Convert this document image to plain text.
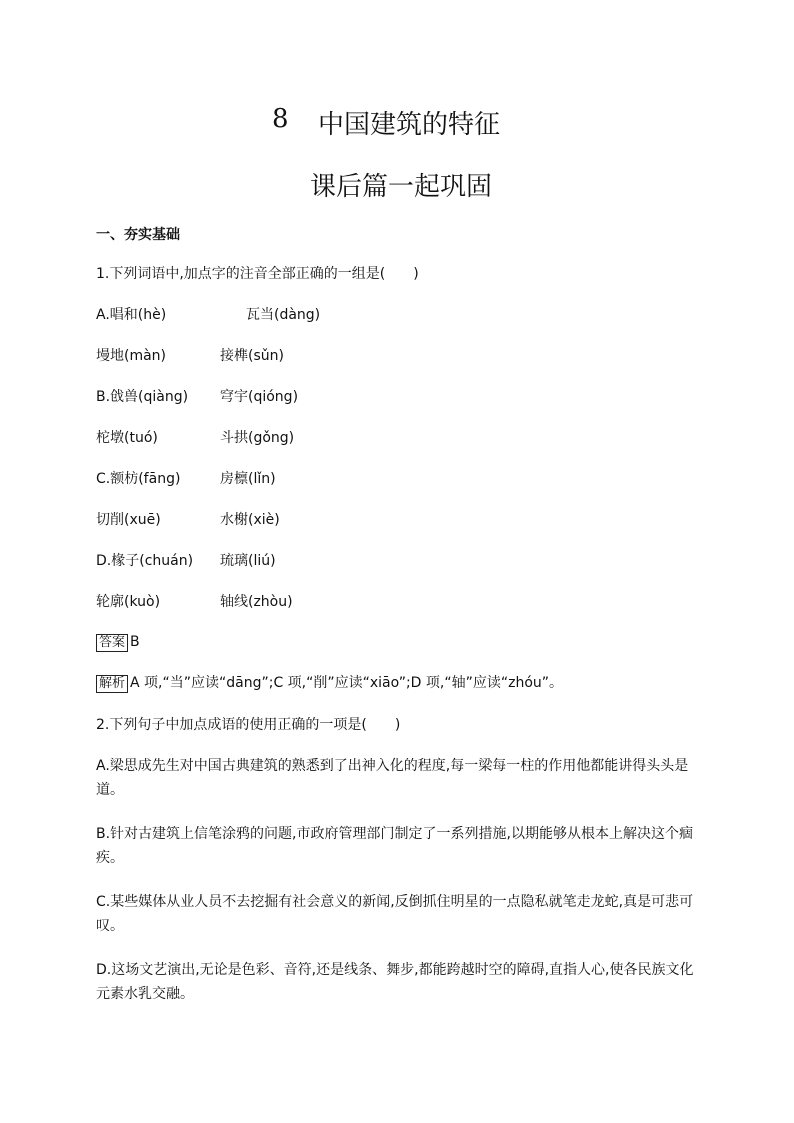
8 中国建筑的特征
课后篇一起巩固
一、夯实基础
1.下列词语中,加点字的注音全部正确的一组是(　　)
A.唱和(hè)	瓦当(dàng)
墁地(màn)	接榫(sǔn)
B.戗兽(qiàng) 穹宇(qióng)
柁墩(tuó)	斗拱(gǒng)
C.额枋(fāng)	房檩(lǐn)
切削(xuē)	水榭(xiè)
D.椽子(chuán) 琉璃(liú)
轮廓(kuò)	轴线(zhòu)
答案 B
解析 A 项,“当”应读“dāng”;C 项,“削”应读“xiāo”;D 项,“轴”应读“zhóu”。
2.下列句子中加点成语的使用正确的一项是(　　)
A.梁思成先生对中国古典建筑的熟悉到了出神入化的程度,每一梁每一柱的作用他都能讲得头头是道。
B.针对古建筑上信笔涂鸦的问题,市政府管理部门制定了一系列措施,以期能够从根本上解决这个痼疾。
C.某些媒体从业人员不去挖掘有社会意义的新闻,反倒抓住明星的一点隐私就笔走龙蛇,真是可悲可叹。
D.这场文艺演出,无论是色彩、音符,还是线条、舞步,都能跨越时空的障碍,直指人心,使各民族文化元素水乳交融。
